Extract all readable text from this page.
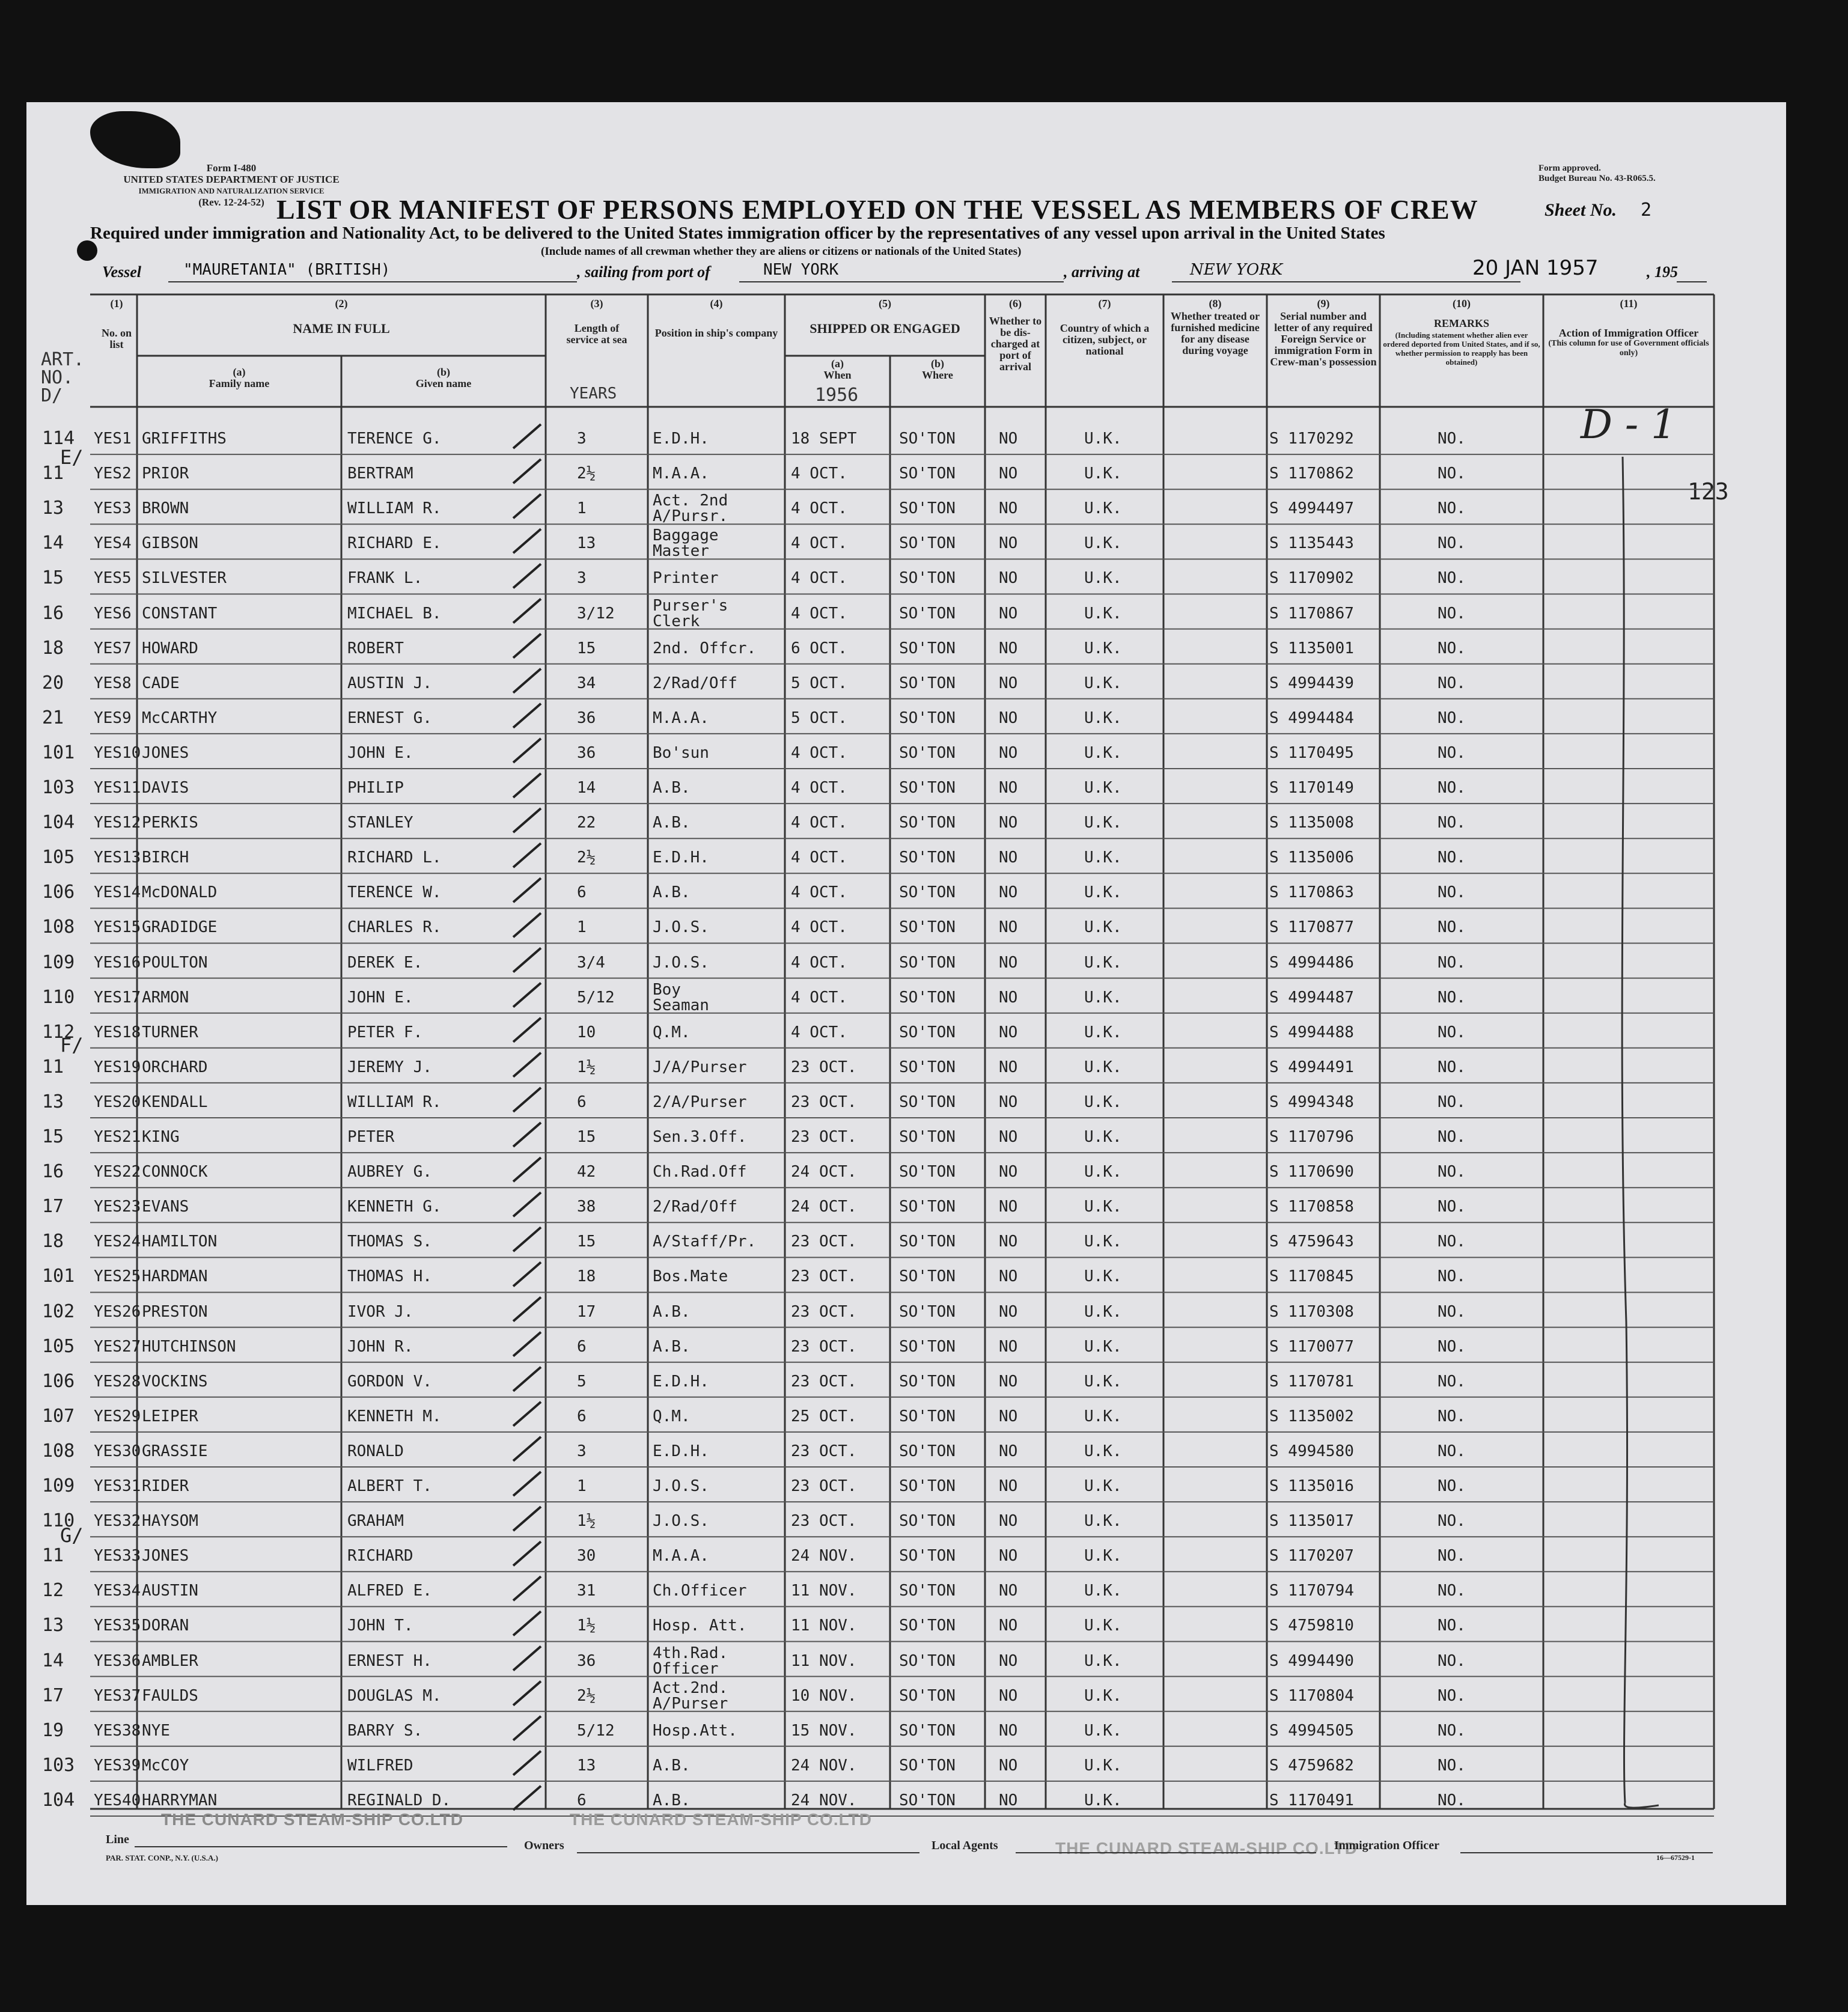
Form I-480
UNITED STATES DEPARTMENT OF JUSTICE
IMMIGRATION AND NATURALIZATION SERVICE
(Rev. 12-24-52)
Form approved.
Budget Bureau No. 43-R065.5.
LIST OR MANIFEST OF PERSONS EMPLOYED ON THE VESSEL AS MEMBERS OF CREW	Sheet No. 2
Required under immigration and Nationality Act, to be delivered to the United States immigration officer by the representatives of any vessel upon arrival in the United States
(Include names of all crewman whether they are aliens or citizens or nationals of the United States)
Vessel	"MAURETANIA" (BRITISH)	, sailing from port of	NEW YORK	, arriving at	NEW YORK	20 JAN 1957	, 195
123
(1)
No. on list
ART. NO. D/
(2)
NAME IN FULL
(a)
Family name
(b)
Given name
(3)
Length of service at sea
YEARS
(4)
Position in ship's company
(5)
SHIPPED OR ENGAGED
(a)
When
1956
(b)
Where
(6)
Whether to be dis-charged at port of arrival
(7)
Country of which a citizen, subject, or national
(8)
Whether treated or furnished medicine for any disease during voyage
(9)
Serial number and letter of any required Foreign Service or immigration Form in Crew-man's possession
(10)
REMARKS
(Including statement whether alien ever ordered deported from United States, and if so, whether permission to reapply has been obtained)
(11)
Action of Immigration Officer
(This column for use of Government officials only)
E/
F/
G/
D - 1
114 YES1 GRIFFITHS	TERENCE G.	3	E.D.H.	18 SEPT	SO'TON	NO	U.K.	S 1170292	NO.
11 YES2 PRIOR	BERTRAM	2½	M.A.A.	4 OCT.	SO'TON	NO	U.K.	S 1170862	NO.
13 YES3 BROWN	WILLIAM R.	1	Act. 2nd
A/Pursr.	4 OCT.	SO'TON	NO	U.K.	S 4994497	NO.
14 YES4 GIBSON	RICHARD E.	13	Baggage
Master	4 OCT.	SO'TON	NO	U.K.	S 1135443	NO.
15 YES5 SILVESTER	FRANK L.	3	Printer	4 OCT.	SO'TON	NO	U.K.	S 1170902	NO.
16 YES6 CONSTANT	MICHAEL B.	3/12 Purser's
Clerk	4 OCT.	SO'TON	NO	U.K.	S 1170867	NO.
18 YES7 HOWARD	ROBERT	15	2nd. Offcr. 6 OCT.	SO'TON	NO	U.K.	S 1135001	NO.
20 YES8 CADE	AUSTIN J.	34	2/Rad/Off	5 OCT.	SO'TON	NO	U.K.	S 4994439	NO.
21 YES9 McCARTHY	ERNEST G.	36	M.A.A.	5 OCT.	SO'TON	NO	U.K.	S 4994484	NO.
101 YES10 JONES	JOHN E.	36	Bo'sun	4 OCT.	SO'TON	NO	U.K.	S 1170495	NO.
103 YES11 DAVIS	PHILIP	14	A.B.	4 OCT.	SO'TON	NO	U.K.	S 1170149	NO.
104 YES12 PERKIS	STANLEY	22	A.B.	4 OCT.	SO'TON	NO	U.K.	S 1135008	NO.
105 YES13 BIRCH	RICHARD L.	2½	E.D.H.	4 OCT.	SO'TON	NO	U.K.	S 1135006	NO.
106 YES14 McDONALD	TERENCE W.	6	A.B.	4 OCT.	SO'TON	NO	U.K.	S 1170863	NO.
108 YES15 GRADIDGE	CHARLES R.	1	J.O.S.	4 OCT.	SO'TON	NO	U.K.	S 1170877	NO.
109 YES16 POULTON	DEREK E.	3/4	J.O.S.	4 OCT.	SO'TON	NO	U.K.	S 4994486	NO.
110 YES17 ARMON	JOHN E.	5/12 Boy
Seaman	4 OCT.	SO'TON	NO	U.K.	S 4994487	NO.
112 YES18 TURNER	PETER F.	10	Q.M.	4 OCT.	SO'TON	NO	U.K.	S 4994488	NO.
11 YES19 ORCHARD	JEREMY J.	1½	J/A/Purser	23 OCT.	SO'TON	NO	U.K.	S 4994491	NO.
13 YES20 KENDALL	WILLIAM R.	6	2/A/Purser	23 OCT.	SO'TON	NO	U.K.	S 4994348	NO.
15 YES21 KING	PETER	15	Sen.3.Off.	23 OCT.	SO'TON	NO	U.K.	S 1170796	NO.
16 YES22 CONNOCK	AUBREY G.	42	Ch.Rad.Off	24 OCT.	SO'TON	NO	U.K.	S 1170690	NO.
17 YES23 EVANS	KENNETH G.	38	2/Rad/Off	24 OCT.	SO'TON	NO	U.K.	S 1170858	NO.
18 YES24 HAMILTON	THOMAS S.	15	A/Staff/Pr. 23 OCT.	SO'TON	NO	U.K.	S 4759643	NO.
101 YES25 HARDMAN	THOMAS H.	18	Bos.Mate	23 OCT.	SO'TON	NO	U.K.	S 1170845	NO.
102 YES26 PRESTON	IVOR J.	17	A.B.	23 OCT.	SO'TON	NO	U.K.	S 1170308	NO.
105 YES27 HUTCHINSON	JOHN R.	6	A.B.	23 OCT.	SO'TON	NO	U.K.	S 1170077	NO.
106 YES28 VOCKINS	GORDON V.	5	E.D.H.	23 OCT.	SO'TON	NO	U.K.	S 1170781	NO.
107 YES29 LEIPER	KENNETH M.	6	Q.M.	25 OCT.	SO'TON	NO	U.K.	S 1135002	NO.
108 YES30 GRASSIE	RONALD	3	E.D.H.	23 OCT.	SO'TON	NO	U.K.	S 4994580	NO.
109 YES31 RIDER	ALBERT T.	1	J.O.S.	23 OCT.	SO'TON	NO	U.K.	S 1135016	NO.
110 YES32 HAYSOM	GRAHAM	1½	J.O.S.	23 OCT.	SO'TON	NO	U.K.	S 1135017	NO.
11 YES33 JONES	RICHARD	30	M.A.A.	24 NOV.	SO'TON	NO	U.K.	S 1170207	NO.
12 YES34 AUSTIN	ALFRED E.	31	Ch.Officer	11 NOV.	SO'TON	NO	U.K.	S 1170794	NO.
13 YES35 DORAN	JOHN T.	1½	Hosp. Att.	11 NOV.	SO'TON	NO	U.K.	S 4759810	NO.
14 YES36 AMBLER	ERNEST H.	36	4th.Rad.
Officer	11 NOV.	SO'TON	NO	U.K.	S 4994490	NO.
17 YES37 FAULDS	DOUGLAS M.	2½	Act.2nd.
A/Purser	10 NOV.	SO'TON	NO	U.K.	S 1170804	NO.
19 YES38 NYE	BARRY S.	5/12 Hosp.Att.	15 NOV.	SO'TON	NO	U.K.	S 4994505	NO.
103 YES39 McCOY	WILFRED	13	A.B.	24 NOV.	SO'TON	NO	U.K.	S 4759682	NO.
104 YES40 HARRYMAN	REGINALD D.	6	A.B.	24 NOV.	SO'TON	NO	U.K.	S 1170491	NO.
THE CUNARD STEAM-SHIP CO.LTD	THE CUNARD STEAM-SHIP CO.LTD
THE CUNARD STEAM-SHIP CO.LTD
Line	Owners	Local Agents	Immigration Officer
PAR. STAT. CONP., N.Y. (U.S.A.)	16—67529-1
